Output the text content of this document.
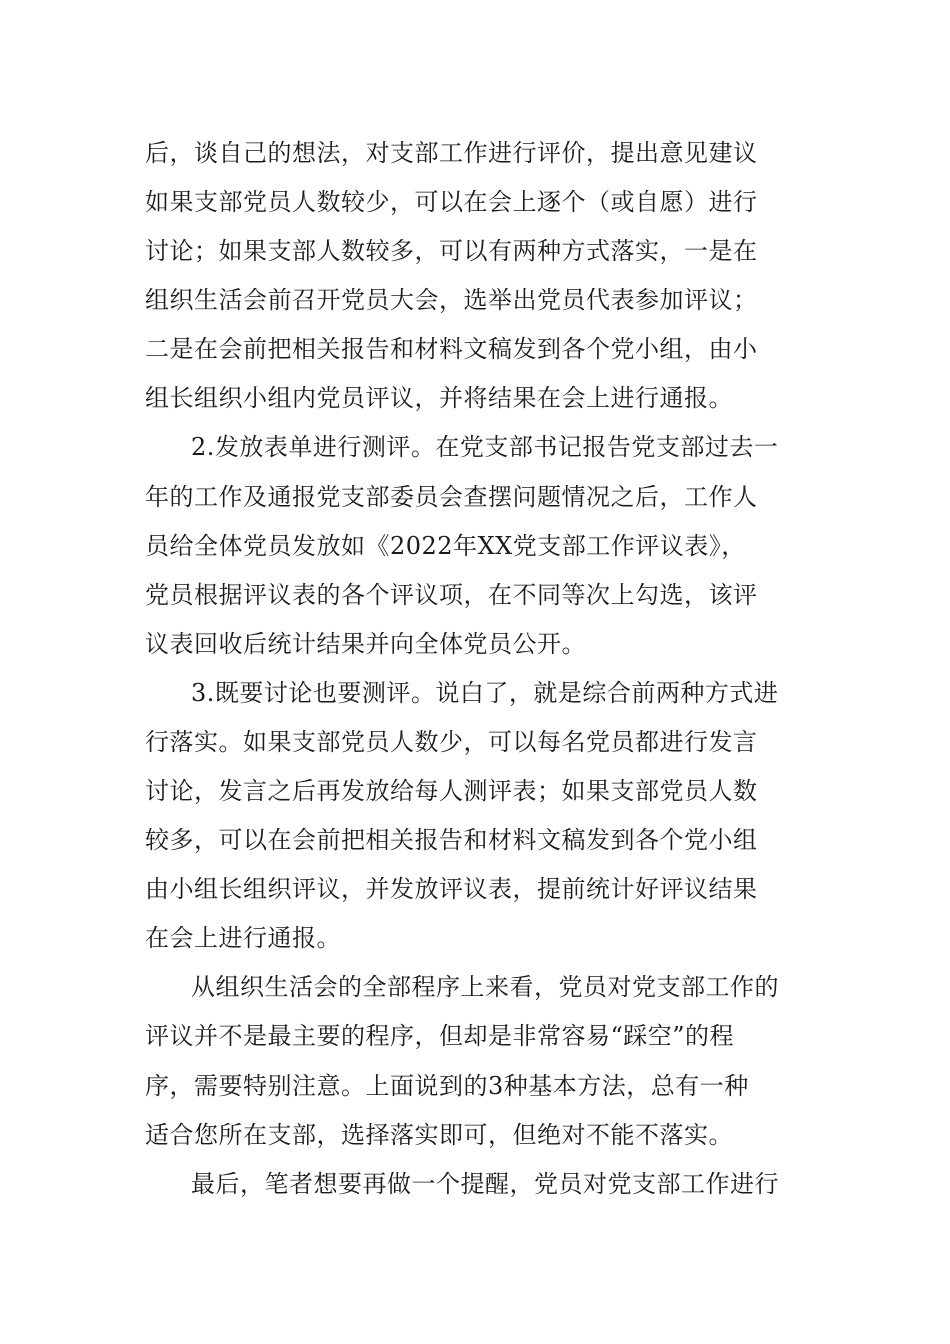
后，谈自己的想法，对支部工作进行评价，提出意见建议
如果支部党员人数较少，可以在会上逐个（或自愿）进行
讨论；如果支部人数较多，可以有两种方式落实，一是在
组织生活会前召开党员大会，选举出党员代表参加评议；
二是在会前把相关报告和材料文稿发到各个党小组，由小
组长组织小组内党员评议，并将结果在会上进行通报。
2.发放表单进行测评。在党支部书记报告党支部过去一
年的工作及通报党支部委员会查摆问题情况之后，工作人
员给全体党员发放如《2022年XX党支部工作评议表》，
党员根据评议表的各个评议项，在不同等次上勾选，该评
议表回收后统计结果并向全体党员公开。
3.既要讨论也要测评。说白了，就是综合前两种方式进
行落实。如果支部党员人数少，可以每名党员都进行发言
讨论，发言之后再发放给每人测评表；如果支部党员人数
较多，可以在会前把相关报告和材料文稿发到各个党小组
由小组长组织评议，并发放评议表，提前统计好评议结果
在会上进行通报。
从组织生活会的全部程序上来看，党员对党支部工作的
评议并不是最主要的程序，但却是非常容易“踩空”的程
序，需要特别注意。上面说到的3种基本方法，总有一种
适合您所在支部，选择落实即可，但绝对不能不落实。
最后，笔者想要再做一个提醒，党员对党支部工作进行
